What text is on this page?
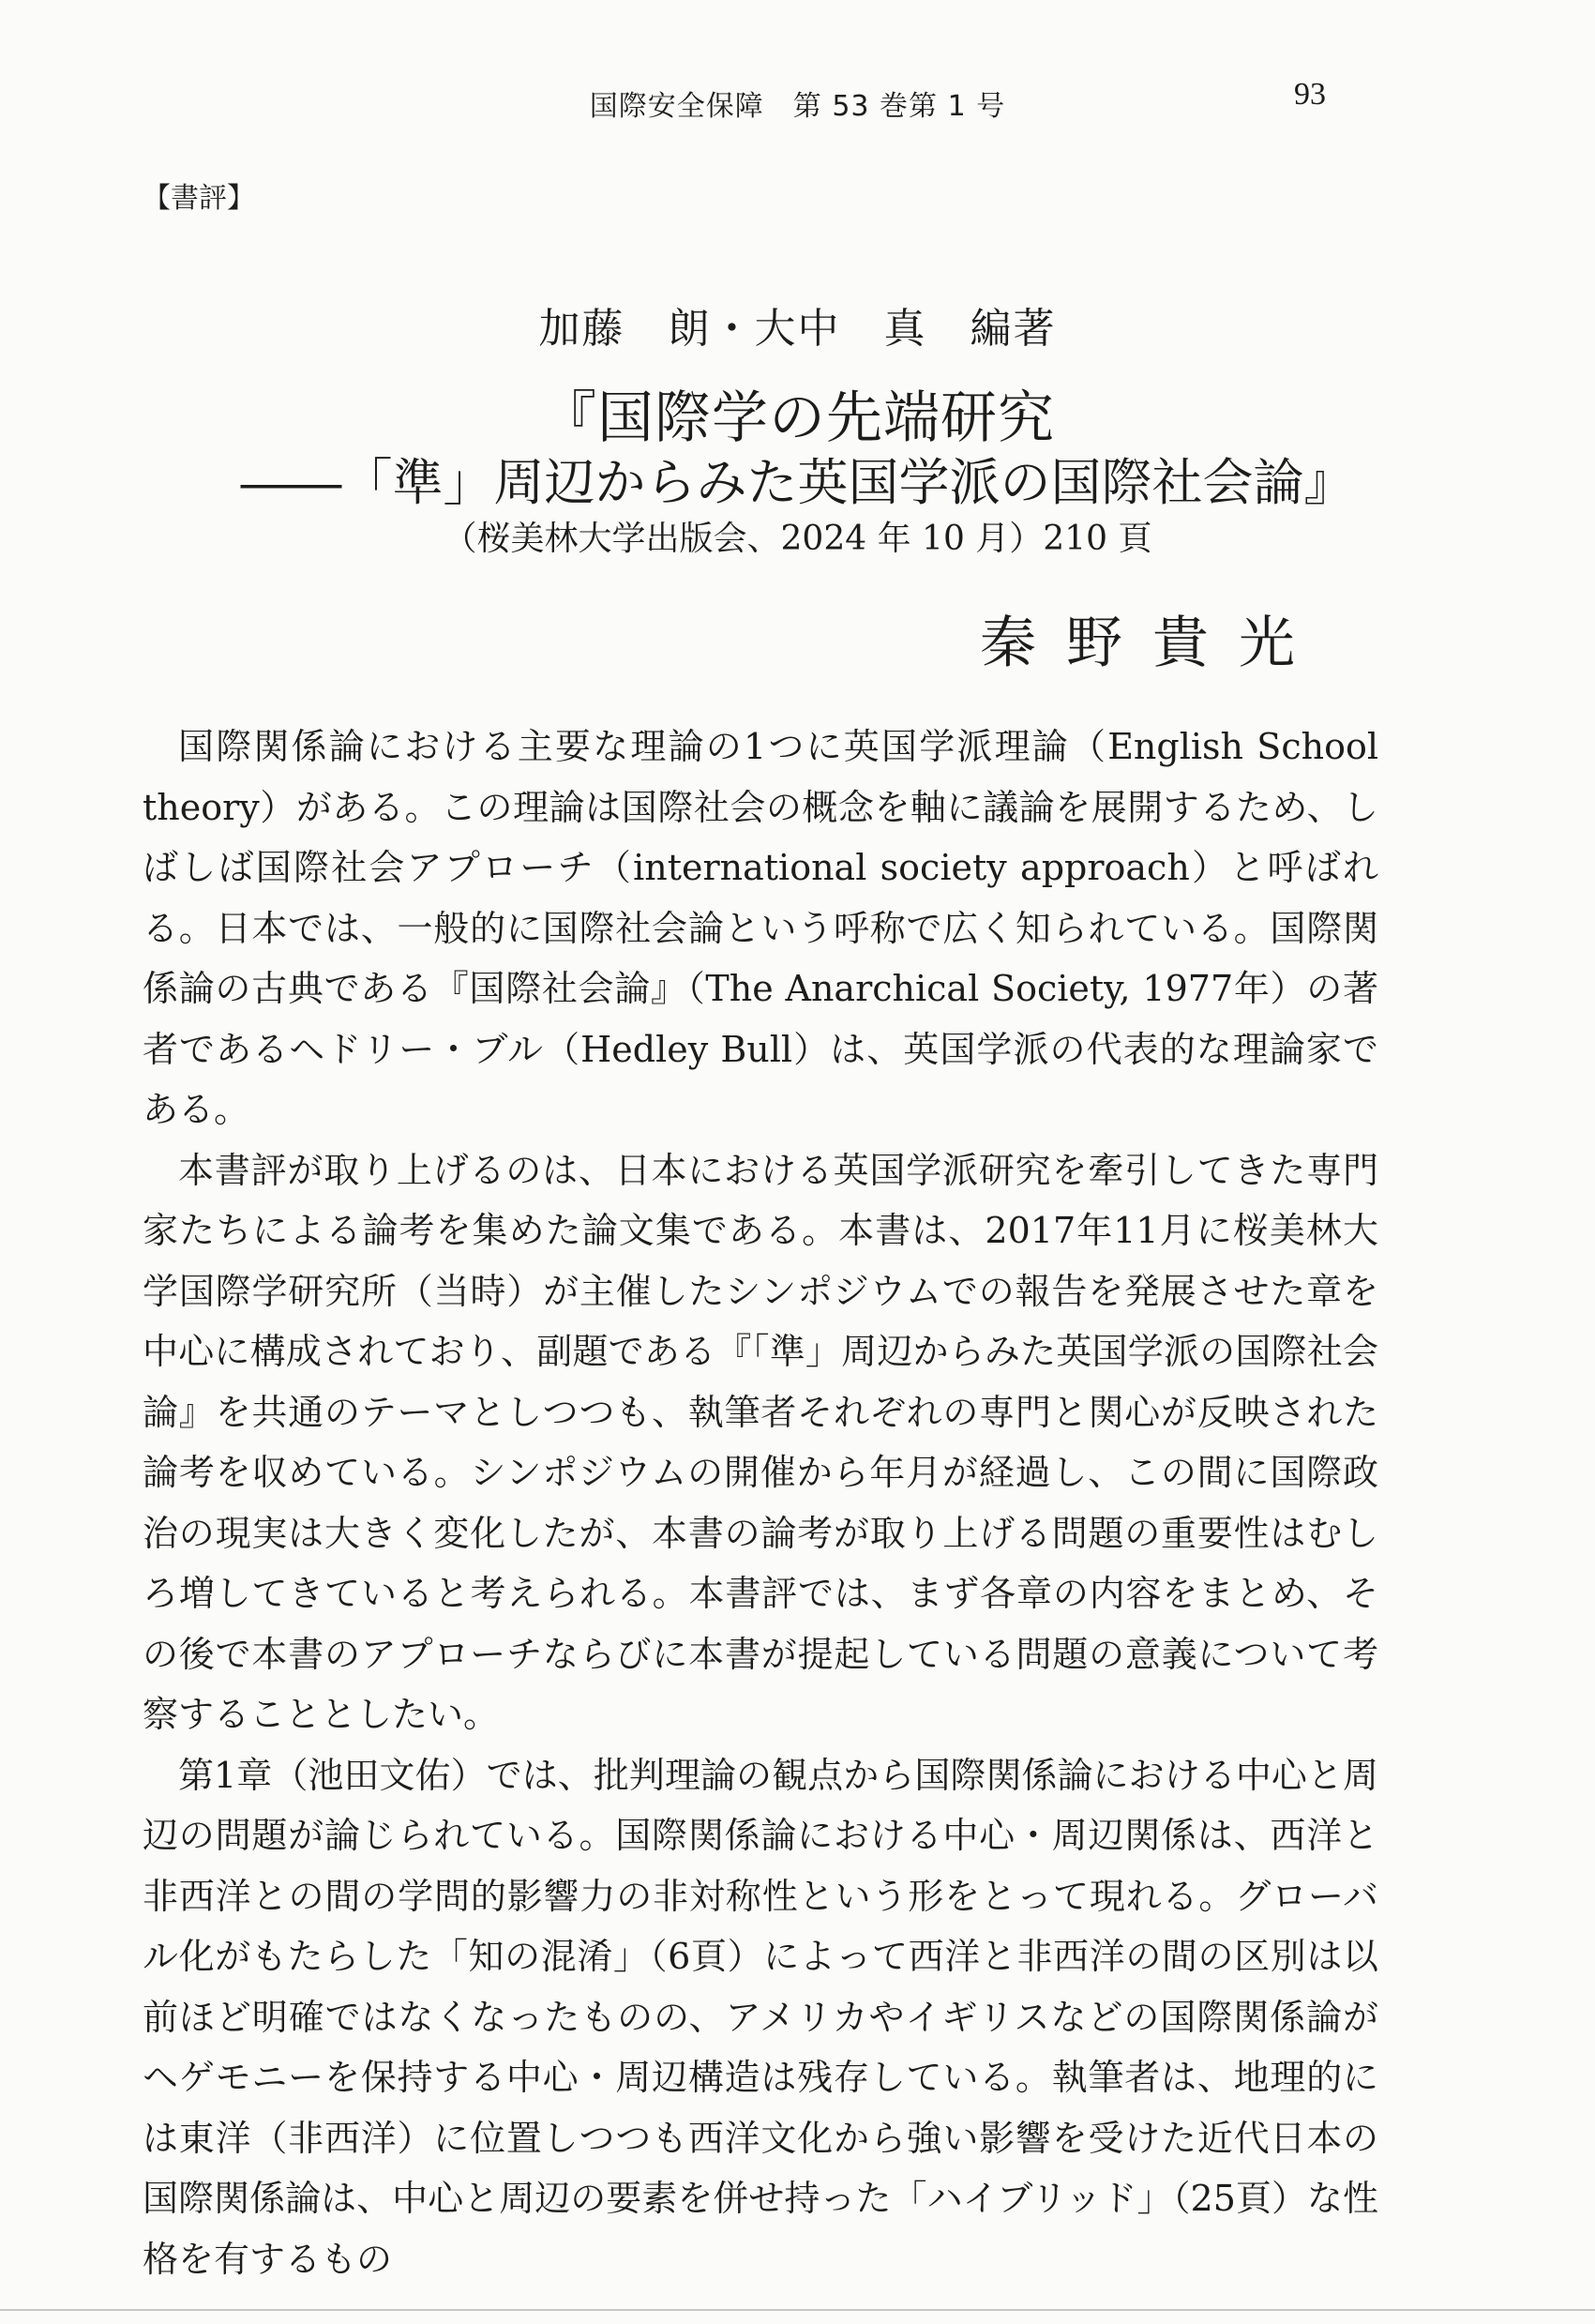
国際安全保障　第 53 巻第 1 号	93
【書評】
加藤　朗・大中　真　編著
『国際学の先端研究
――「準」周辺からみた英国学派の国際社会論』
（桜美林大学出版会、2024 年 10 月）210 頁
秦野貴光

国際関係論における主要な理論の1つに英国学派理論（English School theory）がある。この理論は国際社会の概念を軸に議論を展開するため、しばしば国際社会アプローチ（international society approach）と呼ばれる。日本では、一般的に国際社会論という呼称で広く知られている。国際関係論の古典である『国際社会論』（The Anarchical Society, 1977年）の著者であるヘドリー・ブル（Hedley Bull）は、英国学派の代表的な理論家である。

本書評が取り上げるのは、日本における英国学派研究を牽引してきた専門家たちによる論考を集めた論文集である。本書は、2017年11月に桜美林大学国際学研究所（当時）が主催したシンポジウムでの報告を発展させた章を中心に構成されており、副題である『「準」周辺からみた英国学派の国際社会論』を共通のテーマとしつつも、執筆者それぞれの専門と関心が反映された論考を収めている。シンポジウムの開催から年月が経過し、この間に国際政治の現実は大きく変化したが、本書の論考が取り上げる問題の重要性はむしろ増してきていると考えられる。本書評では、まず各章の内容をまとめ、その後で本書のアプローチならびに本書が提起している問題の意義について考察することとしたい。

第1章（池田文佑）では、批判理論の観点から国際関係論における中心と周辺の問題が論じられている。国際関係論における中心・周辺関係は、西洋と非西洋との間の学問的影響力の非対称性という形をとって現れる。グローバル化がもたらした「知の混淆」（6頁）によって西洋と非西洋の間の区別は以前ほど明確ではなくなったものの、アメリカやイギリスなどの国際関係論がヘゲモニーを保持する中心・周辺構造は残存している。執筆者は、地理的には東洋（非西洋）に位置しつつも西洋文化から強い影響を受けた近代日本の国際関係論は、中心と周辺の要素を併せ持った「ハイブリッド」（25頁）な性格を有するもの
